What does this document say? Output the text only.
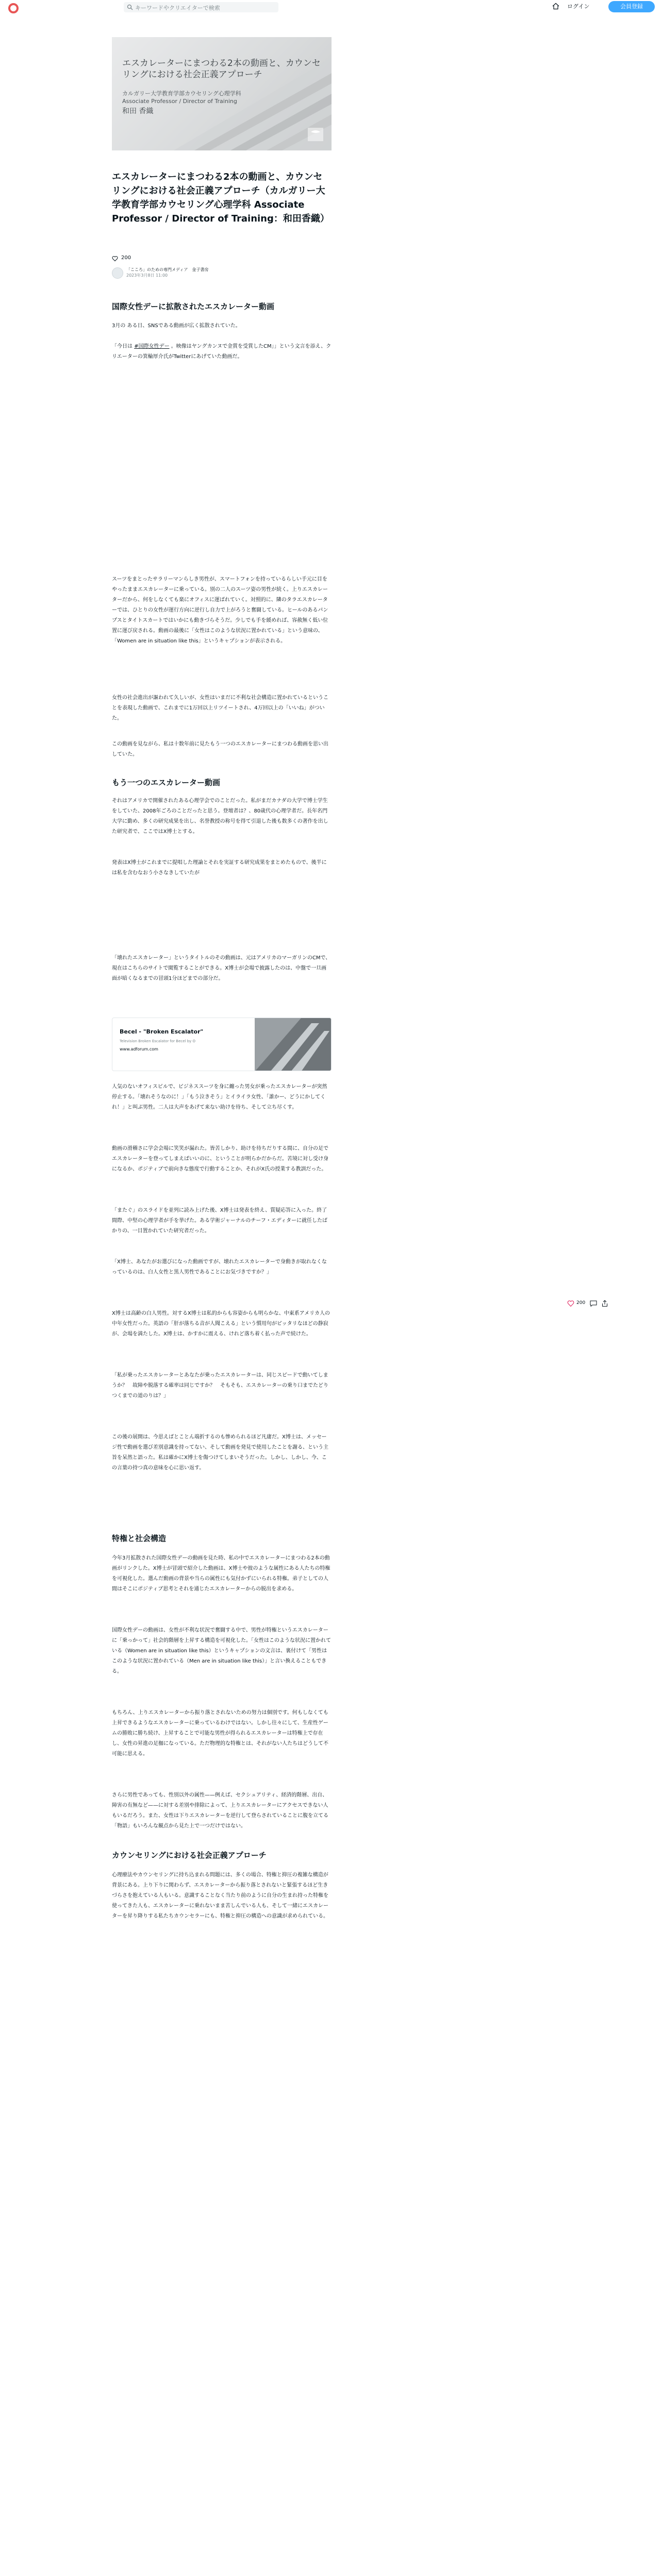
キーワードやクリエイターで検索	ログイン	会員登録
エスカレーターにまつわる2本の動画と、カウンセリングにおける社会正義アプローチ
カルガリー大学教育学部カウセリング心理学科
Associate Professor / Director of Training
和田 香織
エスカレーターにまつわる2本の動画と、カウンセリングにおける社会正義アプローチ（カルガリー大学教育学部カウセリング心理学科 Associate Professor / Director of Training：和田香織）
200
「こころ」のための専門メディア　金子書房
2023年3月8日 11:00
国際女性デーに拡散されたエスカレーター動画
3月の ある日、SNSである動画が広く拡散されていた。
「今日は #国際女性デー 。映像はヤングカンヌで金賞を受賞したCM」」という文言を添え、クリエーターの箕輪厚介氏がTwitterにあげていた動画だ。
スーツをまとったサラリーマンらしき男性が、スマートフォンを持っているらしい手元に目をやったままエスカレーターに乗っている。別の二人のスーツ姿の男性が続く。上りエスカレーターだから、何をしなくても楽にオフィスに運ばれていく。対照的に、隣のタラエスカレーターでは、ひとりの女性が運行方向に逆行し自力で上がろうと奮闘している。ヒールのあるパンプスとタイトスカートではいかにも動きづらそうだ。少しでも手を緩めれば、容赦無く低い位置に運び戻される。動画の最後に「女性はこのような状況に置かれている」という意味の、「Women are in situation like this」というキャプションが表示される。
女性の社会進出が謳われて久しいが、女性はいまだに不利な社会構造に置かれているということを表現した動画で、これまでに1万回以上リツイートされ、4万回以上の「いいね」がついた。
この動画を見ながら、私は十数年前に見たもう一つのエスカレーターにまつわる動画を思い出していた。
もう一つのエスカレーター動画
それはアメリカで開催されたある心理学会でのことだった。私がまだカナダの大学で博士学生をしていた、2008年ごろのことだったと思う。登壇者は？、80歳代の心理学者だ。長年名門大学に勤め、多くの研究成果を出し、名誉教授の称号を得て引退した後も数多くの著作を出した研究者で、ここではX博士とする。
発表はX博士がこれまでに提唱した理論とそれを実証する研究成果をまとめたもので、後半には私を含むなおう小さなきしていたが
「壊れたエスカレーター」というタイトルのその動画は、元はアメリカのマーガリンのCMで、現在はこちらのサイトで閲覧することができる。X博士が会場で披露したのは、中盤で一旦画面が暗くなるまでの冒頭1分ほどまでの部分だ。
Becel - "Broken Escalator"
Television Broken Escalator for Becel by O
www.adforum.com
人気のないオフィスビルで、ビジネススーツを身に纏った男女が乗ったエスカレーターが突然停止する。「壊れそうなのに！」「もう泣きそう」とイライラ女性、「誰かー、どうにかしてくれ！」と叫ぶ男性。二人は大声をあげて来ない助けを待ち、そして立ち尽くす。
動画の滑稽さに学会会場に笑笑が漏れた。皆苦しかり、助けを待ちだりする間に、自分の足でエスカレーターを登ってしまえばいいのに、ということが明らかだからだ。苦境に対し受け身になるか、ポジティブで前向きな態度で行動することか、それがX氏の授業する教訓だった。
「またぐ」のスライドを並列に読み上げた後、X博士は発表を終え、質疑応答に入った。終了間際、中堅の心理学者が手を挙げた。ある学術ジャーナルのチーフ・エディターに就任したばかりの、一目置かれていた研究者だった。
「X博士、あなたがお選びになった動画ですが、壊れたエスカレーターで身動きが取れなくなっているのは、白人女性と黒人男性であることにお気づきですか？」
X博士は高齢の白人男性。対するX博士は私的からも容姿からも明らかな、中東系アメリカ人の中年女性だった。英語の「肝が落ちる音が人聞こえる」という慣用句がピッタリなほどの静寂が、会場を満たした。X博士は、かすかに震える、けれど落ち着く払った声で続けた。
「私が乗ったエスカレーターとあなたが乗ったエスカレーターは、同じスピードで動いてしまうか？　故障や脱落する確率は同じですか？　そもそも、エスカレーターの乗り口までたどりつくまでの道のりは？」
この後の展開は、今思えばとことん端折するのも惨められるほど凡庸だ。X博士は、メッセージ性で動画を選び差別意識を持ってない、そして動画を発見で使用したことを謝る、という主旨を呆然と語った。私は確かにX博士を傷つけてしまいそうだった。しかし、しかし、今、この言葉の持つ真の意味を心に思い返す。
特権と社会構造
今年3月拡散された国際女性デーの動画を見た時、私の中でエスカレーターにまつわる2本の動画がリンクした。X博士が冒頭で紹介した動画は、X博士や彼のような属性にある人たちの特権を可視化した。選んだ動画の背景や当らの属性にも気付かずにいられる特権。弟子としての人間はそこにポジティブ思考とそれを通じたエスカレーターからの脱出を求める。
国際女性デーの動画は、女性が不利な状況で奮闘する中で、男性が特権というエスカレーターに「乗っかって」社会的階層を上昇する構造を可視化した。「女性はこのような状況に置かれている（Women are in situation like this）というキャプションの文言は、裏付けて「男性はこのような状況に置かれている（Men are in situation like this）」と言い換えることもできる。
もちろん、上りエスカレーターから振り落とされないための努力は個別です。何もしなくても上昇できるようなエスカレーターに乗っているわけではない。しかし往々にして、生産性ゲームの勝敗に勝ち続け、上昇することで可能な男性が得られるエスカレーターは特権上で存在し、女性の昇進の足枷になっている。ただ物理的な特権とは、それがない人たちはどうして不可能に思える。
さらに男性であっても、性別以外の属性——例えば、セクシュアリティ、経済的階層、出自、障害の有無など——に対する差別や排除によって、上りエスカレーターにアクセスできない人もいるだろう。また、女性は下りエスカレーターを逆行して登らされていることに腹を立てる「物語」もいろんな観点から見た上で一つだけではない。
カウンセリングにおける社会正義アプローチ
心理療法やカウンセリングに持ち込まれる問題には、多くの場合、特権と抑圧の複雑な構造が背景にある。上り下りに関わらず、エスカレーターから振り落とされないと緊張するほど生きづらさを抱えている人もいる。意識することなく当たり前のように自分の生まれ持った特権を使ってきた人も、エスカレーターに乗れないまま苦しんでいる人も、そして一緒にエスカレーターを昇り降りする私たちカウンセラーにも、特権と抑圧の構造への意識が求められている。
200
